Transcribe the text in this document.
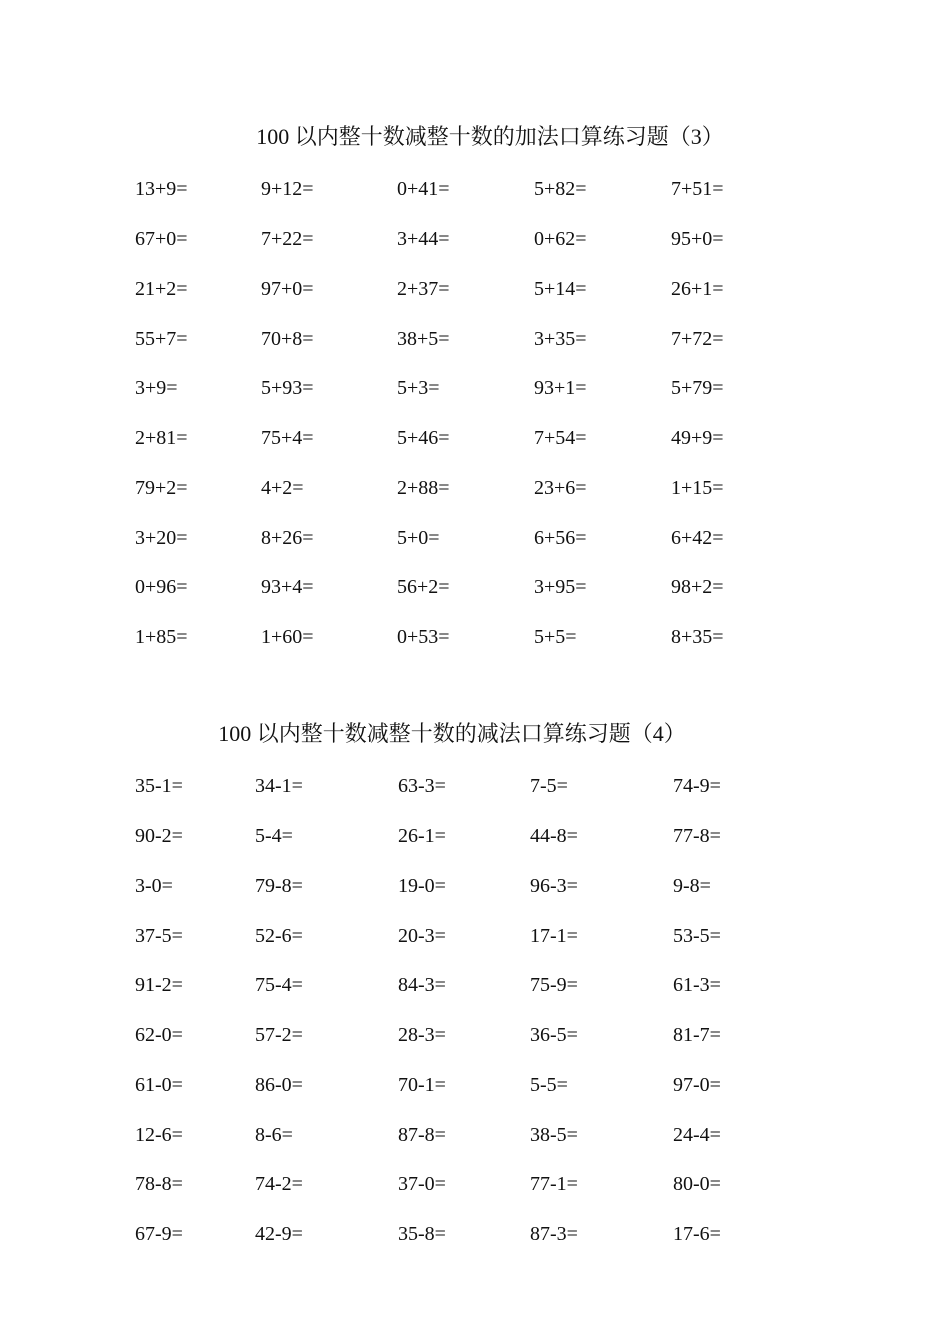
100 以内整十数减整十数的加法口算练习题（3）
13+9=	9+12=	0+41=	5+82=	7+51=
67+0=	7+22=	3+44=	0+62=	95+0=
21+2=	97+0=	2+37=	5+14=	26+1=
55+7=	70+8=	38+5=	3+35=	7+72=
3+9=	5+93=	5+3=	93+1=	5+79=
2+81=	75+4=	5+46=	7+54=	49+9=
79+2=	4+2=	2+88=	23+6=	1+15=
3+20=	8+26=	5+0=	6+56=	6+42=
0+96=	93+4=	56+2=	3+95=	98+2=
1+85=	1+60=	0+53=	5+5=	8+35=
100 以内整十数减整十数的减法口算练习题（4）
35-1=	34-1=	63-3=	7-5=	74-9=
90-2=	5-4=	26-1=	44-8=	77-8=
3-0=	79-8=	19-0=	96-3=	9-8=
37-5=	52-6=	20-3=	17-1=	53-5=
91-2=	75-4=	84-3=	75-9=	61-3=
62-0=	57-2=	28-3=	36-5=	81-7=
61-0=	86-0=	70-1=	5-5=	97-0=
12-6=	8-6=	87-8=	38-5=	24-4=
78-8=	74-2=	37-0=	77-1=	80-0=
67-9=	42-9=	35-8=	87-3=	17-6=
